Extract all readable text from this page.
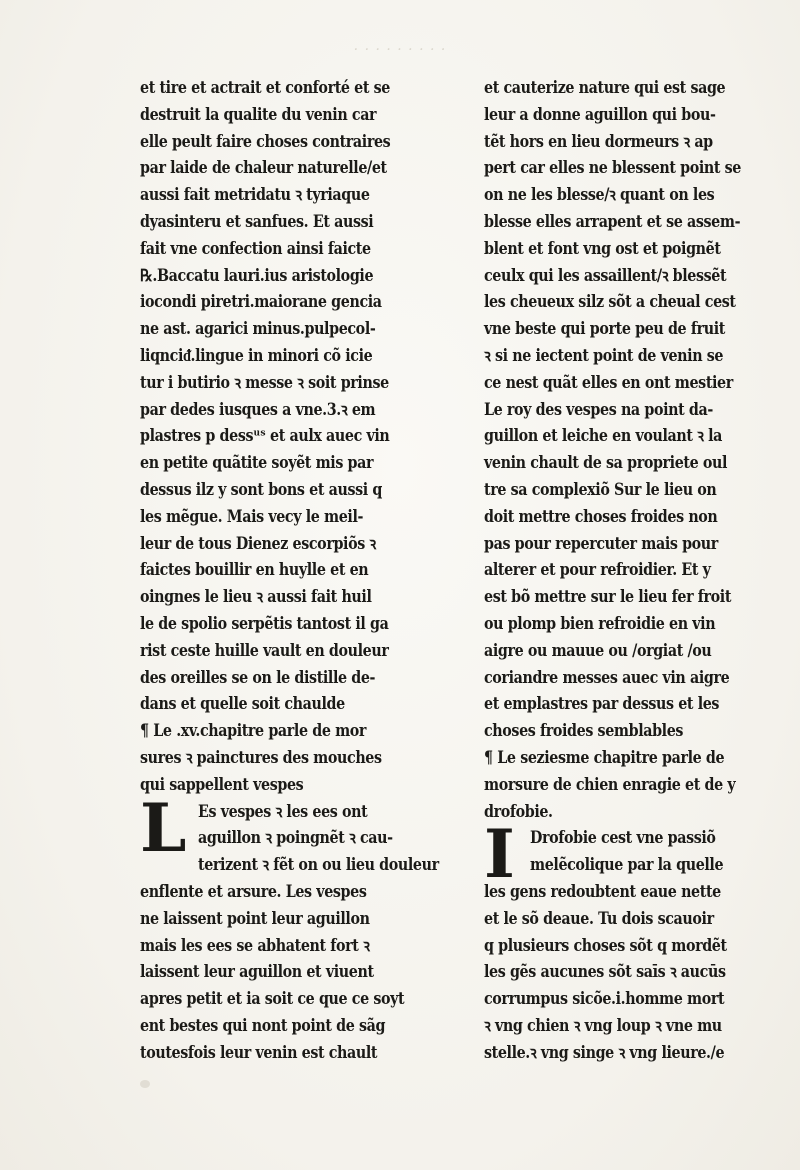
· · · · · · · · ·
et tire et actrait et conforté et se
destruit la qualite du venin car
elle peult faire choses contraires
par laide de chaleur naturelle/et
aussi fait metridatu ꝛ tyriaque
dyasinteru et sanfues. Et aussi
fait vne confection ainsi faicte
℞.Baccatu lauri.ius aristologie
iocondi piretri.maiorane gencia
ne ast. agarici minus.pulpecol-
liqnciᵭ.lingue in minori cõ icie
tur i butirio ꝛ messe ꝛ soit prinse
par dedes iusques a vne.3.ꝛ em
plastres p dessᵘˢ et aulx auec vin
en petite quãtite soyẽt mis par
dessus ilz y sont bons et aussi q
les mẽgue. Mais vecy le meil-
leur de tous Dienez escorpiõs ꝛ
faictes bouillir en huylle et en
oingnes le lieu ꝛ aussi fait huil
le de spolio serpẽtis tantost il ga
rist ceste huille vault en douleur
des oreilles se on le distille de-
dans et quelle soit chaulde
¶ Le .xv.chapitre parle de mor
sures ꝛ painctures des mouches
qui sappellent vespes
L Es vespes ꝛ les ees ont
aguillon ꝛ poingnẽt ꝛ cau-
terizent ꝛ fẽt on ou lieu douleur
enflente et arsure. Les vespes
ne laissent point leur aguillon
mais les ees se abhatent fort ꝛ
laissent leur aguillon et viuent
apres petit et ia soit ce que ce soyt
ent bestes qui nont point de sãg
toutesfois leur venin est chault
et cauterize nature qui est sage
leur a donne aguillon qui bou-
tẽt hors en lieu dormeurs ꝛ ap
pert car elles ne blessent point se
on ne les blesse/ꝛ quant on les
blesse elles arrapent et se assem-
blent et font vng ost et poignẽt
ceulx qui les assaillent/ꝛ blessẽt
les cheueux silz sõt a cheual cest
vne beste qui porte peu de fruit
ꝛ si ne iectent point de venin se
ce nest quãt elles en ont mestier
Le roy des vespes na point da-
guillon et leiche en voulant ꝛ la
venin chault de sa propriete oul
tre sa complexiõ Sur le lieu on
doit mettre choses froides non
pas pour repercuter mais pour
alterer et pour refroidier. Et y
est bõ mettre sur le lieu fer froit
ou plomp bien refroidie en vin
aigre ou mauue ou /orgiat /ou
coriandre messes auec vin aigre
et emplastres par dessus et les
choses froides semblables
¶ Le seziesme chapitre parle de
morsure de chien enragie et de y
drofobie.
I Drofobie cest vne passiõ
melẽcolique par la quelle
les gens redoubtent eaue nette
et le sõ deaue. Tu dois scauoir
q plusieurs choses sõt q mordẽt
les gẽs aucunes sõt saīs ꝛ aucūs
corrumpus sicõe.i.homme mort
ꝛ vng chien ꝛ vng loup ꝛ vne mu
stelle.ꝛ vng singe ꝛ vng lieure./e
